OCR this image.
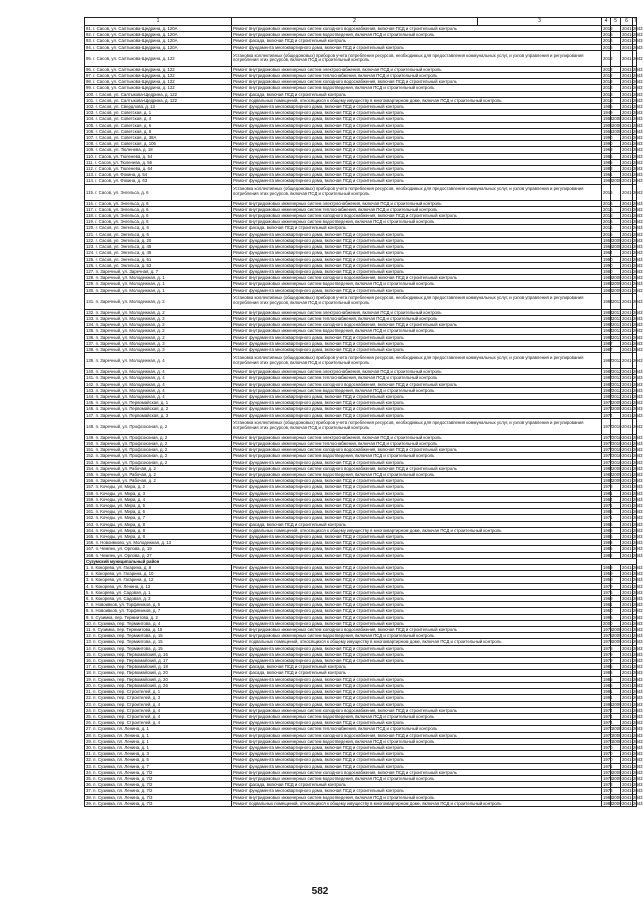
1	2	3	4	5	6	7
91. г. Сасов, ул. Салтыкова-Щедрина, д. 120А	Ремонт внутридомовых инженерных систем холодного водоснабжения, включая ПСД и строительный контроль		2016		2041-2043	
92. г. Сасов, ул. Салтыкова-Щедрина, д. 120А	Ремонт внутридомовых инженерных систем водоотведения, включая ПСД и строительный контроль		2016		2041-2043	
93. г. Сасов, ул. Салтыкова-Щедрина, д. 120А	Ремонт фасада, включая ПСД и строительный контроль		2016		2041-2043	
94. г. Сасов, ул. Салтыкова-Щедрина, д. 120А	Ремонт фундамента многоквартирного дома, включая ПСД и строительный контроль		2016		2041-2043	
95. г. Сасов, ул. Салтыкова-Щедрина, д. 122	Установка коллективных (общедомовых) приборов учета потребления ресурсов, необходимых для предоставления коммунальных услуг, и узлов управления и регулирования потребления этих ресурсов, включая ПСД и строительный контроль		2013		2041-2043	
96. г. Сасов, ул. Салтыкова-Щедрина, д. 122	Ремонт внутридомовых инженерных систем электроснабжения, включая ПСД и строительный контроль		2013		2041-2043	
97. г. Сасов, ул. Салтыкова-Щедрина, д. 122	Ремонт внутридомовых инженерных систем теплоснабжения, включая ПСД и строительный контроль		2013		2041-2043	
98. г. Сасов, ул. Салтыкова-Щедрина, д. 122	Ремонт внутридомовых инженерных систем холодного водоснабжения, включая ПСД и строительный контроль		2013		2041-2043	
99. г. Сасов, ул. Салтыкова-Щедрина, д. 122	Ремонт внутридомовых инженерных систем водоотведения, включая ПСД и строительный контроль		2013		2041-2043	
100. г. Сасов, ул. Салтыкова-Щедрина, д. 122	Ремонт фасада, включая ПСД и строительный контроль		2013		2041-2043	
101. г. Сасов, ул. Салтыкова-Щедрина, д. 122	Ремонт подвальных помещений, относящихся к общему имуществу в многоквартирном доме, включая ПСД и строительный контроль		2013		2041-2043	
102. г. Сасов, ул. Свердлова, д. 13	Ремонт фундамента многоквартирного дома, включая ПСД и строительный контроль		1985		2041-2043	
103. г. Сасов, ул. Советская, д. 1	Ремонт фундамента многоквартирного дома, включая ПСД и строительный контроль		1949		2041-2043	
104. г. Сасов, ул. Советская, д. 4	Ремонт фундамента многоквартирного дома, включая ПСД и строительный контроль		1954	2008	2041-2043	
105. г. Сасов, ул. Советская, д. 6	Ремонт фундамента многоквартирного дома, включая ПСД и строительный контроль		1906	2008	2041-2043	
106. г. Сасов, ул. Советская, д. 8	Ремонт фундамента многоквартирного дома, включая ПСД и строительный контроль		1951	2008	2041-2043	
107. г. Сасов, ул. Советская, д. 38А	Ремонт фундамента многоквартирного дома, включая ПСД и строительный контроль		1990		2041-2043	
108. г. Сасов, ул. Советская, д. 106	Ремонт фундамента многоквартирного дома, включая ПСД и строительный контроль		1990		2041-2043	
109. г. Сасов, ул. Тюленева, д. 18	Ремонт фундамента многоквартирного дома, включая ПСД и строительный контроль		1963		2041-2043	
110. г. Сасов, ул. Тюленева, д. 54	Ремонт фундамента многоквартирного дома, включая ПСД и строительный контроль		1986		2041-2043	
111. г. Сасов, ул. Тюленева, д. 56	Ремонт фундамента многоквартирного дома, включая ПСД и строительный контроль		1985		2041-2043	
112. г. Сасов, ул. Тюленева, д. 64	Ремонт фундамента многоквартирного дома, включая ПСД и строительный контроль		1983		2041-2043	
113. г. Сасов, ул. Фокина, д. 54	Ремонт фундамента многоквартирного дома, включая ПСД и строительный контроль		1961		2041-2043	
114. г. Сасов, ул. Фокина, д. 63	Ремонт фундамента многоквартирного дома, включая ПСД и строительный контроль		1963	2008	2041-2043	
115. г. Сасов, ул. Энгельса, д. 6	Установка коллективных (общедомовых) приборов учета потребления ресурсов, необходимых для предоставления коммунальных услуг, и узлов управления и регулирования потребления этих ресурсов, включая ПСД и строительный контроль		2016		2041-2043	
116. г. Сасов, ул. Энгельса, д. 6	Ремонт внутридомовых инженерных систем электроснабжения, включая ПСД и строительный контроль		2016		2041-2043	
117. г. Сасов, ул. Энгельса, д. 6	Ремонт внутридомовых инженерных систем теплоснабжения, включая ПСД и строительный контроль		2016		2041-2043	
118. г. Сасов, ул. Энгельса, д. 6	Ремонт внутридомовых инженерных систем холодного водоснабжения, включая ПСД и строительный контроль		2016		2041-2043	
119. г. Сасов, ул. Энгельса, д. 6	Ремонт внутридомовых инженерных систем водоотведения, включая ПСД и строительный контроль		2016		2041-2043	
120. г. Сасов, ул. Энгельса, д. 6	Ремонт фасада, включая ПСД и строительный контроль		2016		2041-2043	
121. г. Сасов, ул. Энгельса, д. 6	Ремонт фундамента многоквартирного дома, включая ПСД и строительный контроль		2016		2041-2043	
122. г. Сасов, ул. Энгельса, д. 20	Ремонт фундамента многоквартирного дома, включая ПСД и строительный контроль		1952	2009	2041-2043	
123. г. Сасов, ул. Энгельса, д. 45	Ремонт фундамента многоквартирного дома, включая ПСД и строительный контроль		1966	2008	2041-2043	
124. г. Сасов, ул. Энгельса, д. 49	Ремонт фундамента многоквартирного дома, включая ПСД и строительный контроль		1964		2041-2043	
125. г. Сасов, ул. Энгельса, д. 51	Ремонт фундамента многоквартирного дома, включая ПСД и строительный контроль		1990		2041-2043	
126. г. Сасов, ул. Энгельса, д. 53	Ремонт фундамента многоквартирного дома, включая ПСД и строительный контроль		1990		2041-2043	
127. п. Заречный, ул. Заречная, д. 7	Ремонт фундамента многоквартирного дома, включая ПСД и строительный контроль		1980		2041-2043	
128. п. Заречный, ул. Молодежная, д. 1	Ремонт внутридомовых инженерных систем холодного водоснабжения, включая ПСД и строительный контроль		1983	2009	2041-2043	
129. п. Заречный, ул. Молодежная, д. 1	Ремонт внутридомовых инженерных систем водоотведения, включая ПСД и строительный контроль		1983	2009	2041-2043	
130. п. Заречный, ул. Молодежная, д. 1	Ремонт фундамента многоквартирного дома, включая ПСД и строительный контроль		1983	2009	2041-2043	
131. п. Заречный, ул. Молодежная, д. 2	Установка коллективных (общедомовых) приборов учета потребления ресурсов, необходимых для предоставления коммунальных услуг, и узлов управления и регулирования потребления этих ресурсов, включая ПСД и строительный контроль		1984	2011	2041-2043	
132. п. Заречный, ул. Молодежная, д. 2	Ремонт внутридомовых инженерных систем электроснабжения, включая ПСД и строительный контроль		1984	2011	2041-2043	
133. п. Заречный, ул. Молодежная, д. 2	Ремонт внутридомовых инженерных систем теплоснабжения, включая ПСД и строительный контроль		1984	2011	2041-2043	
134. п. Заречный, ул. Молодежная, д. 2	Ремонт внутридомовых инженерных систем холодного водоснабжения, включая ПСД и строительный контроль		1984	2011	2041-2043	
135. п. Заречный, ул. Молодежная, д. 2	Ремонт внутридомовых инженерных систем водоотведения, включая ПСД и строительный контроль		1984	2011	2041-2043	
136. п. Заречный, ул. Молодежная, д. 2	Ремонт фундамента многоквартирного дома, включая ПСД и строительный контроль		1984	2011	2041-2043	
137. п. Заречный, ул. Молодежная, д. 3	Ремонт фундамента многоквартирного дома, включая ПСД и строительный контроль		1987		2041-2043	
138. п. Заречный, ул. Молодежная, д. 3	Ремонт фундамента многоквартирного дома, включая ПСД и строительный контроль		1987		2041-2043	
139. п. Заречный, ул. Молодежная, д. 4	Установка коллективных (общедомовых) приборов учета потребления ресурсов, необходимых для предоставления коммунальных услуг, и узлов управления и регулирования потребления этих ресурсов, включая ПСД и строительный контроль		1987	2012	2041-2043	
140. п. Заречный, ул. Молодежная, д. 4	Ремонт внутридомовых инженерных систем электроснабжения, включая ПСД и строительный контроль		1987	2012	2041-2043	
141. п. Заречный, ул. Молодежная, д. 4	Ремонт внутридомовых инженерных систем теплоснабжения, включая ПСД и строительный контроль		1987	2012	2041-2043	
142. п. Заречный, ул. Молодежная, д. 4	Ремонт внутридомовых инженерных систем холодного водоснабжения, включая ПСД и строительный контроль		1987	2012	2041-2043	
143. п. Заречный, ул. Молодежная, д. 4	Ремонт внутридомовых инженерных систем водоотведения, включая ПСД и строительный контроль		1987	2012	2041-2043	
144. п. Заречный, ул. Молодежная, д. 4	Ремонт фундамента многоквартирного дома, включая ПСД и строительный контроль		1987	2012	2041-2043	
145. п. Заречный, ул. Первомайская, д. 1	Ремонт фундамента многоквартирного дома, включая ПСД и строительный контроль		1974	2009	2041-2043	
146. п. Заречный, ул. Первомайская, д. 2	Ремонт фундамента многоквартирного дома, включая ПСД и строительный контроль		1974	2009	2041-2043	
147. п. Заречный, ул. Первомайская, д. 3	Ремонт фундамента многоквартирного дома, включая ПСД и строительный контроль		1974		2041-2043	
148. п. Заречный, ул. Профсоюзная, д. 2	Установка коллективных (общедомовых) приборов учета потребления ресурсов, необходимых для предоставления коммунальных услуг, и узлов управления и регулирования потребления этих ресурсов, включая ПСД и строительный контроль		1977	2010	2041-2043	
149. п. Заречный, ул. Профсоюзная, д. 2	Ремонт внутридомовых инженерных систем электроснабжения, включая ПСД и строительный контроль		1977	2010	2041-2043	
150. п. Заречный, ул. Профсоюзная, д. 2	Ремонт внутридомовых инженерных систем теплоснабжения, включая ПСД и строительный контроль		1977	2010	2041-2043	
151. п. Заречный, ул. Профсоюзная, д. 2	Ремонт внутридомовых инженерных систем холодного водоснабжения, включая ПСД и строительный контроль		1977	2010	2041-2043	
152. п. Заречный, ул. Профсоюзная, д. 2	Ремонт внутридомовых инженерных систем водоотведения, включая ПСД и строительный контроль		1977	2010	2041-2043	
153. п. Заречный, ул. Профсоюзная, д. 2	Ремонт фундамента многоквартирного дома, включая ПСД и строительный контроль		1977	2010	2041-2043	
154. п. Заречный, ул. Рабочая, д. 2	Ремонт внутридомовых инженерных систем холодного водоснабжения, включая ПСД и строительный контроль		1984	2009	2041-2043	
155. п. Заречный, ул. Рабочая, д. 2	Ремонт внутридомовых инженерных систем водоотведения, включая ПСД и строительный контроль		1984	2009	2041-2043	
156. п. Заречный, ул. Рабочая, д. 2	Ремонт фундамента многоквартирного дома, включая ПСД и строительный контроль		1984	2009	2041-2043	
157. п. Кочеды, ул. Мира, д. 2	Ремонт фундамента многоквартирного дома, включая ПСД и строительный контроль		1978		2041-2043	
158. п. Кочеды, ул. Мира, д. 3	Ремонт фундамента многоквартирного дома, включая ПСД и строительный контроль		1981		2041-2043	
159. п. Кочеды, ул. Мира, д. 4	Ремонт фундамента многоквартирного дома, включая ПСД и строительный контроль		1964		2041-2043	
160. п. Кочеды, ул. Мира, д. 5	Ремонт фундамента многоквартирного дома, включая ПСД и строительный контроль		1971		2041-2043	
161. п. Кочеды, ул. Мира, д. 6	Ремонт фундамента многоквартирного дома, включая ПСД и строительный контроль		1986		2041-2043	
162. п. Кочеды, ул. Мира, д. 7	Ремонт фундамента многоквартирного дома, включая ПСД и строительный контроль		1971		2041-2043	
163. п. Кочеды, ул. Мира, д. 8	Ремонт фасада, включая ПСД и строительный контроль		1986		2041-2043	
164. п. Кочеды, ул. Мира, д. 8	Ремонт подвальных помещений, относящихся к общему имуществу в многоквартирном доме, включая ПСД и строительный контроль		1986		2041-2043	
165. п. Кочеды, ул. Мира, д. 8	Ремонт фундамента многоквартирного дома, включая ПСД и строительный контроль		1986		2041-2043	
166. п. Новоивково, ул. Молодежная, д. 13	Ремонт фундамента многоквартирного дома, включая ПСД и строительный контроль		1983		2041-2043	
167. п. Чемпек, ул. Орлова, д. 19	Ремонт фундамента многоквартирного дома, включая ПСД и строительный контроль		1985		2041-2043	
168. п. Чемпек, ул. Орлова, д. 27	Ремонт фундамента многоквартирного дома, включая ПСД и строительный контроль		1982		2041-2043	
Сузумский муниципальный район						
1. п. Кокорева, ул. Гагарина, д. 8	Ремонт фундамента многоквартирного дома, включая ПСД и строительный контроль		1959		2041-2043	
2. п. Кокорева, ул. Гагарина, д. 10	Ремонт фундамента многоквартирного дома, включая ПСД и строительный контроль		1959		2041-2043	
3. п. Кокорева, ул. Гагарина, д. 12	Ремонт фундамента многоквартирного дома, включая ПСД и строительный контроль		1959		2041-2043	
4. п. Кокорева, ул. Ленина, д. 13	Ремонт фундамента многоквартирного дома, включая ПСД и строительный контроль		1979		2041-2043	
5. п. Кокорева, ул. Садовая, д. 1	Ремонт фундамента многоквартирного дома, включая ПСД и строительный контроль		1976		2041-2043	
6. п. Кокорева, ул. Садовая, д. 3	Ремонт фундамента многоквартирного дома, включая ПСД и строительный контроль		1968		2041-2043	
7. п. Новоивков, ул. Торфяников, д. 5	Ремонт фундамента многоквартирного дома, включая ПСД и строительный контроль		1961		2041-2043	
8. п. Новоивков, ул. Торфяников, д. 7	Ремонт фундамента многоквартирного дома, включая ПСД и строительный контроль		1960		2041-2043	
9. п. Сузимка, пер. Термиитова, д. 2	Ремонт фундамента многоквартирного дома, включая ПСД и строительный контроль		1995		2041-2043	
10. п. Сузимка, пер. Термиитова, д. 4	Ремонт фундамента многоквартирного дома, включая ПСД и строительный контроль		2000		2041-2043	
11. п. Сузимка, пер. Термиитова, д. 15	Ремонт внутридомовых инженерных систем холодного водоснабжения, включая ПСД и строительный контроль		1978	2009	2041-2043	
12. п. Сузимка, пер. Термиитова, д. 15	Ремонт внутридомовых инженерных систем водоотведения, включая ПСД и строительный контроль		1978	2009	2041-2043	
13. п. Сузимка, пер. Термиитова, д. 15	Ремонт подвальных помещений, относящихся к общему имуществу в многоквартирном доме, включая ПСД и строительный контроль		1978	2009	2041-2043	
14. п. Сузимка, пер. Термиитова, д. 15	Ремонт фундамента многоквартирного дома, включая ПСД и строительный контроль		1978		2041-2043	
15. п. Сузимка, пер. Первомайский, д. 16	Ремонт фундамента многоквартирного дома, включая ПСД и строительный контроль		1979		2041-2043	
16. п. Сузимка, пер. Первомайский, д. 17	Ремонт фундамента многоквартирного дома, включая ПСД и строительный контроль		1979		2041-2043	
17. п. Сузимка, пер. Первомайский, д. 18	Ремонт фасада, включая ПСД и строительный контроль		1985		2041-2043	
18. п. Сузимка, пер. Первомайский, д. 20	Ремонт фасада, включая ПСД и строительный контроль		1985		2041-2043	
19. п. Сузимка, пер. Первомайский, д. 20	Ремонт фундамента многоквартирного дома, включая ПСД и строительный контроль		1985		2041-2043	
20. п. Сузимка, пер. Первомайский, д. 26	Ремонт фундамента многоквартирного дома, включая ПСД и строительный контроль		1985		2041-2043	
21. п. Сузимка, пер. Строителей, д. 1	Ремонт фундамента многоквартирного дома, включая ПСД и строительный контроль		1991		2041-2043	
22. п. Сузимка, пер. Строителей, д. 3	Ремонт фундамента многоквартирного дома, включая ПСД и строительный контроль		1991		2041-2043	
23. п. Сузимка, пер. Строителей, д. 4	Ремонт фундамента многоквартирного дома, включая ПСД и строительный контроль		1991	2009	2041-2043	
24. п. Сузимка, пер. Строителей, д. 4	Ремонт внутридомовых инженерных систем холодного водоснабжения, включая ПСД и строительный контроль		1974		2041-2043	
25. п. Сузимка, пер. Строителей, д. 4	Ремонт внутридомовых инженерных систем водоотведения, включая ПСД и строительный контроль		1974		2041-2043	
26. п. Сузимка, пер. Строителей, д. 4	Ремонт фундамента многоквартирного дома, включая ПСД и строительный контроль		1974		2041-2043	
27. п. Сузимка, пл. Ленина, д. 1	Ремонт внутридомовых инженерных систем теплоснабжения, включая ПСД и строительный контроль		1970	2008	2041-2043	
28. п. Сузимка, пл. Ленина, д. 1	Ремонт внутридомовых инженерных систем холодного водоснабжения, включая ПСД и строительный контроль		1970	2008	2041-2043	
29. п. Сузимка, пл. Ленина, д. 1	Ремонт внутридомовых инженерных систем водоотведения, включая ПСД и строительный контроль		1970	2008	2041-2043	
30. п. Сузимка, пл. Ленина, д. 1	Ремонт фундамента многоквартирного дома, включая ПСД и строительный контроль		1970		2041-2043	
31. п. Сузимка, пл. Ленина, д. 3	Ремонт фундамента многоквартирного дома, включая ПСД и строительный контроль		1970		2041-2043	
32. п. Сузимка, пл. Ленина, д. 5	Ремонт фундамента многоквартирного дома, включая ПСД и строительный контроль		1970		2041-2043	
33. п. Сузимка, пл. Ленина, д. 7	Ремонт фундамента многоквартирного дома, включая ПСД и строительный контроль		1971		2041-2043	
34. п. Сузимка, пл. Ленина, д. 7/2	Ремонт внутридомовых инженерных систем холодного водоснабжения, включая ПСД и строительный контроль		1973	2009	2041-2043	
35. п. Сузимка, пл. Ленина, д. 7/2	Ремонт внутридомовых инженерных систем водоотведения, включая ПСД и строительный контроль		1973	2009	2041-2043	
36. п. Сузимка, пл. Ленина, д. 7/2	Ремонт фасада, включая ПСД и строительный контроль		1973		2041-2043	
37. п. Сузимка, пл. Ленина, д. 7/2	Ремонт фундамента многоквартирного дома, включая ПСД и строительный контроль		1973		2041-2043	
38. п. Сузимка, пл. Ленина, д. 7/3	Ремонт внутридомовых инженерных систем водоотведения, включая ПСД и строительный контроль		1983	2009	2041-2043	
39. п. Сузимка, пл. Ленина, д. 7/3	Ремонт подвальных помещений, относящихся к общему имуществу в многоквартирном доме, включая ПСД и строительный контроль		1983	2009	2041-2043	
582
